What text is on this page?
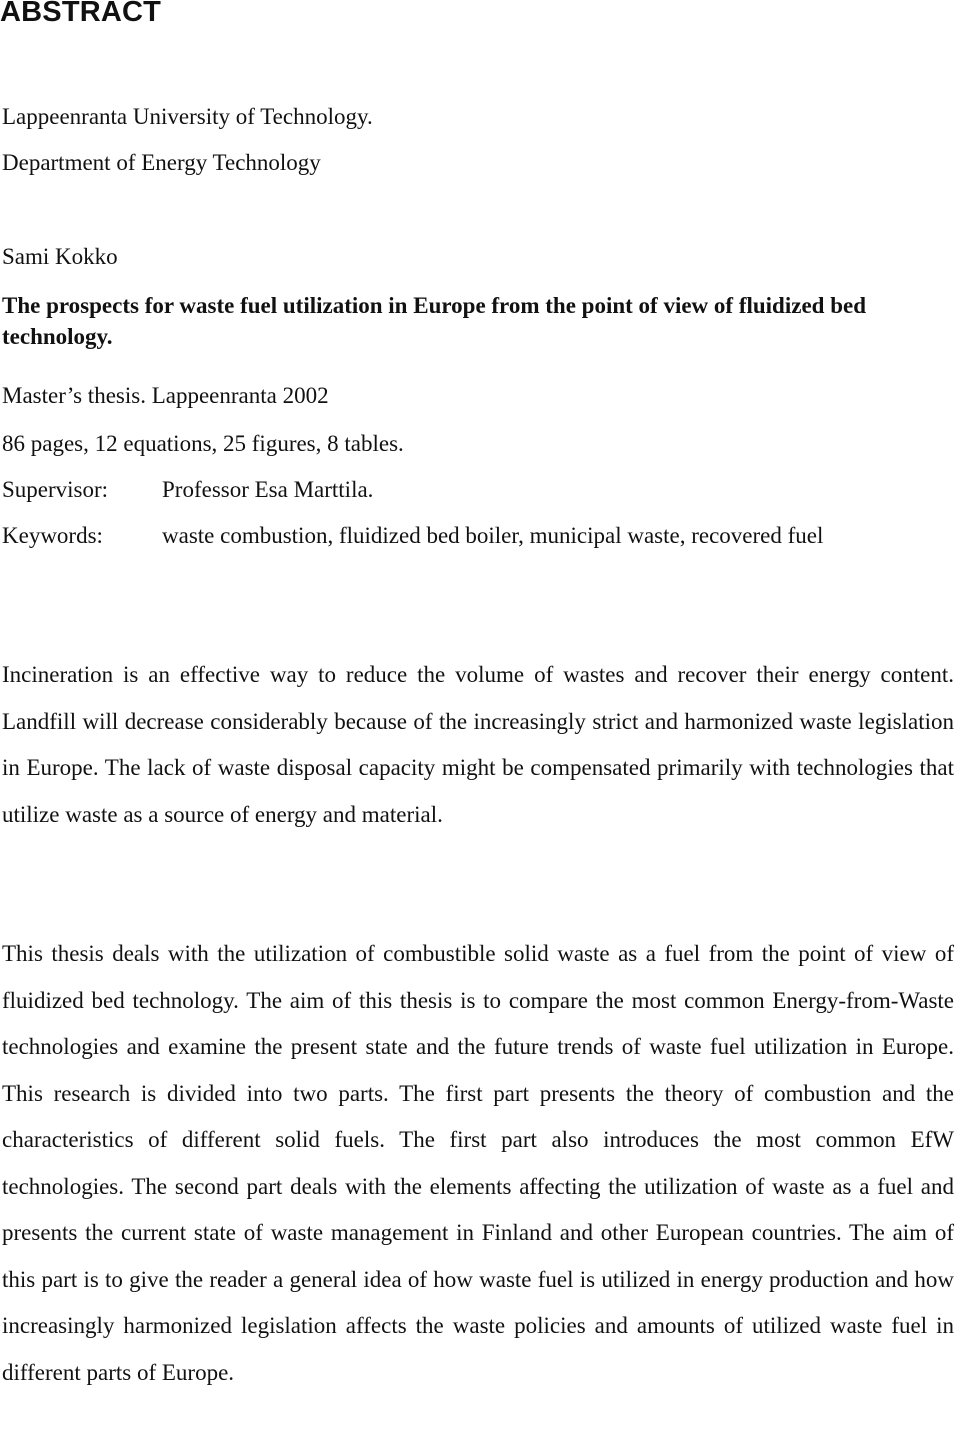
ABSTRACT
Lappeenranta University of Technology.
Department of Energy Technology
Sami Kokko
The prospects for waste fuel utilization in Europe from the point of view of fluidized bed technology.
Master’s thesis. Lappeenranta 2002
86 pages, 12 equations, 25 figures, 8 tables.
Supervisor: Professor Esa Marttila.
Keywords:	waste combustion, fluidized bed boiler, municipal waste, recovered fuel

Incineration is an effective way to reduce the volume of wastes and recover their energy content. Landfill will decrease considerably because of the increasingly strict and harmonized waste legislation in Europe. The lack of waste disposal capacity might be compensated primarily with technologies that utilize waste as a source of energy and material.

This thesis deals with the utilization of combustible solid waste as a fuel from the point of view of fluidized bed technology. The aim of this thesis is to compare the most common Energy-from-Waste technologies and examine the present state and the future trends of waste fuel utilization in Europe. This research is divided into two parts. The first part presents the theory of combustion and the characteristics of different solid fuels. The first part also introduces the most common EfW technologies. The second part deals with the elements affecting the utilization of waste as a fuel and presents the current state of waste management in Finland and other European countries. The aim of this part is to give the reader a general idea of how waste fuel is utilized in energy production and how increasingly harmonized legislation affects the waste policies and amounts of utilized waste fuel in different parts of Europe.
